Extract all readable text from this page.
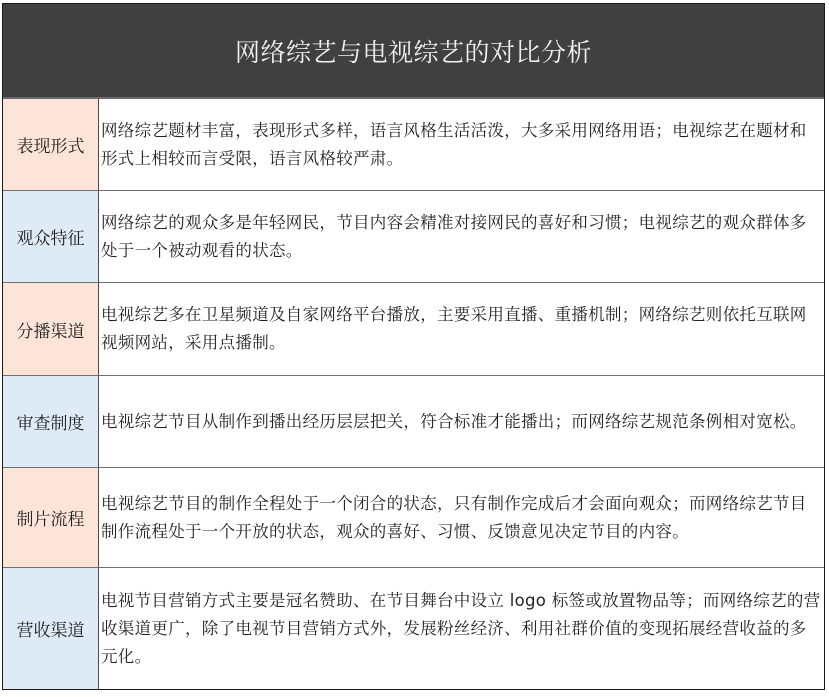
网络综艺与电视综艺的对比分析
表现形式
网络综艺题材丰富，表现形式多样，语言风格生活活泼，大多采用网络用语；电视综艺在题材和形式上相较而言受限，语言风格较严肃。
观众特征
网络综艺的观众多是年轻网民，节目内容会精准对接网民的喜好和习惯；电视综艺的观众群体多处于一个被动观看的状态。
分播渠道
电视综艺多在卫星频道及自家网络平台播放，主要采用直播、重播机制；网络综艺则依托互联网视频网站，采用点播制。
审查制度	电视综艺节目从制作到播出经历层层把关，符合标准才能播出；而网络综艺规范条例相对宽松。
制片流程
电视综艺节目的制作全程处于一个闭合的状态，只有制作完成后才会面向观众；而网络综艺节目制作流程处于一个开放的状态，观众的喜好、习惯、反馈意见决定节目的内容。
营收渠道
电视节目营销方式主要是冠名赞助、在节目舞台中设立 logo 标签或放置物品等；而网络综艺的营收渠道更广，除了电视节目营销方式外，发展粉丝经济、利用社群价值的变现拓展经营收益的多元化。
